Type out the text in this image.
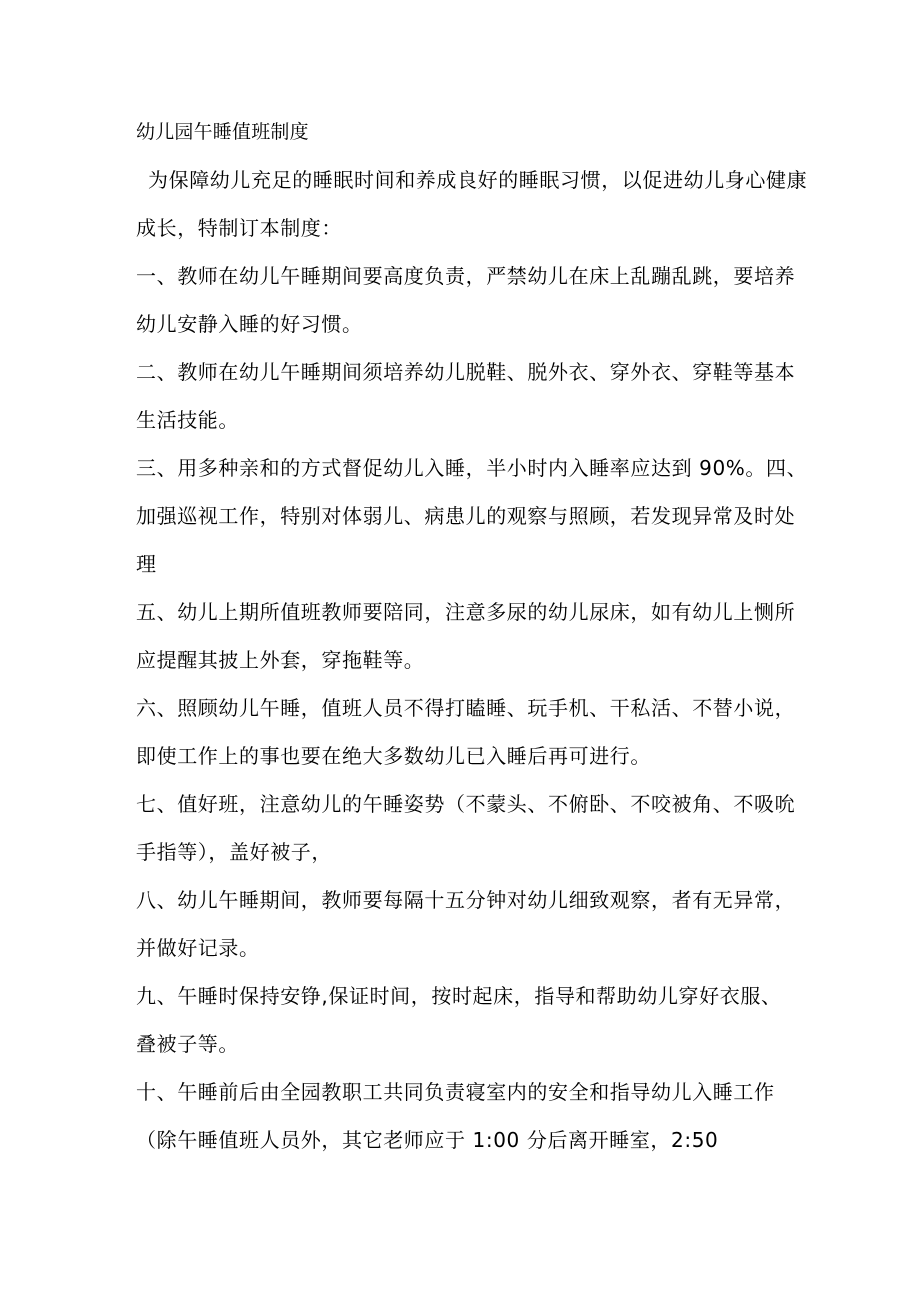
幼儿园午睡值班制度

为保障幼儿充足的睡眠时间和养成良好的睡眠习惯，以促进幼儿身心健康

成长，特制订本制度：

一、教师在幼儿午睡期间要高度负责，严禁幼儿在床上乱蹦乱跳，要培养

幼儿安静入睡的好习惯。

二、教师在幼儿午睡期间须培养幼儿脱鞋、脱外衣、穿外衣、穿鞋等基本

生活技能。

三、用多种亲和的方式督促幼儿入睡，半小时内入睡率应达到 90%。四、

加强巡视工作，特别对体弱儿、病患儿的观察与照顾，若发现异常及时处

理

五、幼儿上期所值班教师要陪同，注意多尿的幼儿尿床，如有幼儿上恻所

应提醒其披上外套，穿拖鞋等。

六、照顾幼儿午睡，值班人员不得打瞌睡、玩手机、干私活、不替小说，

即使工作上的事也要在绝大多数幼儿已入睡后再可进行。

七、值好班，注意幼儿的午睡姿势（不蒙头、不俯卧、不咬被角、不吸吮

手指等），盖好被子，

八、幼儿午睡期间，教师要每隔十五分钟对幼儿细致观察，者有无异常，

并做好记录。

九、午睡时保持安铮,保证时间，按时起床，指导和帮助幼儿穿好衣服、

叠被子等。

十、午睡前后由全园教职工共同负责寝室内的安全和指导幼儿入睡工作

（除午睡值班人员外，其它老师应于 1:00 分后离开睡室，2:50
